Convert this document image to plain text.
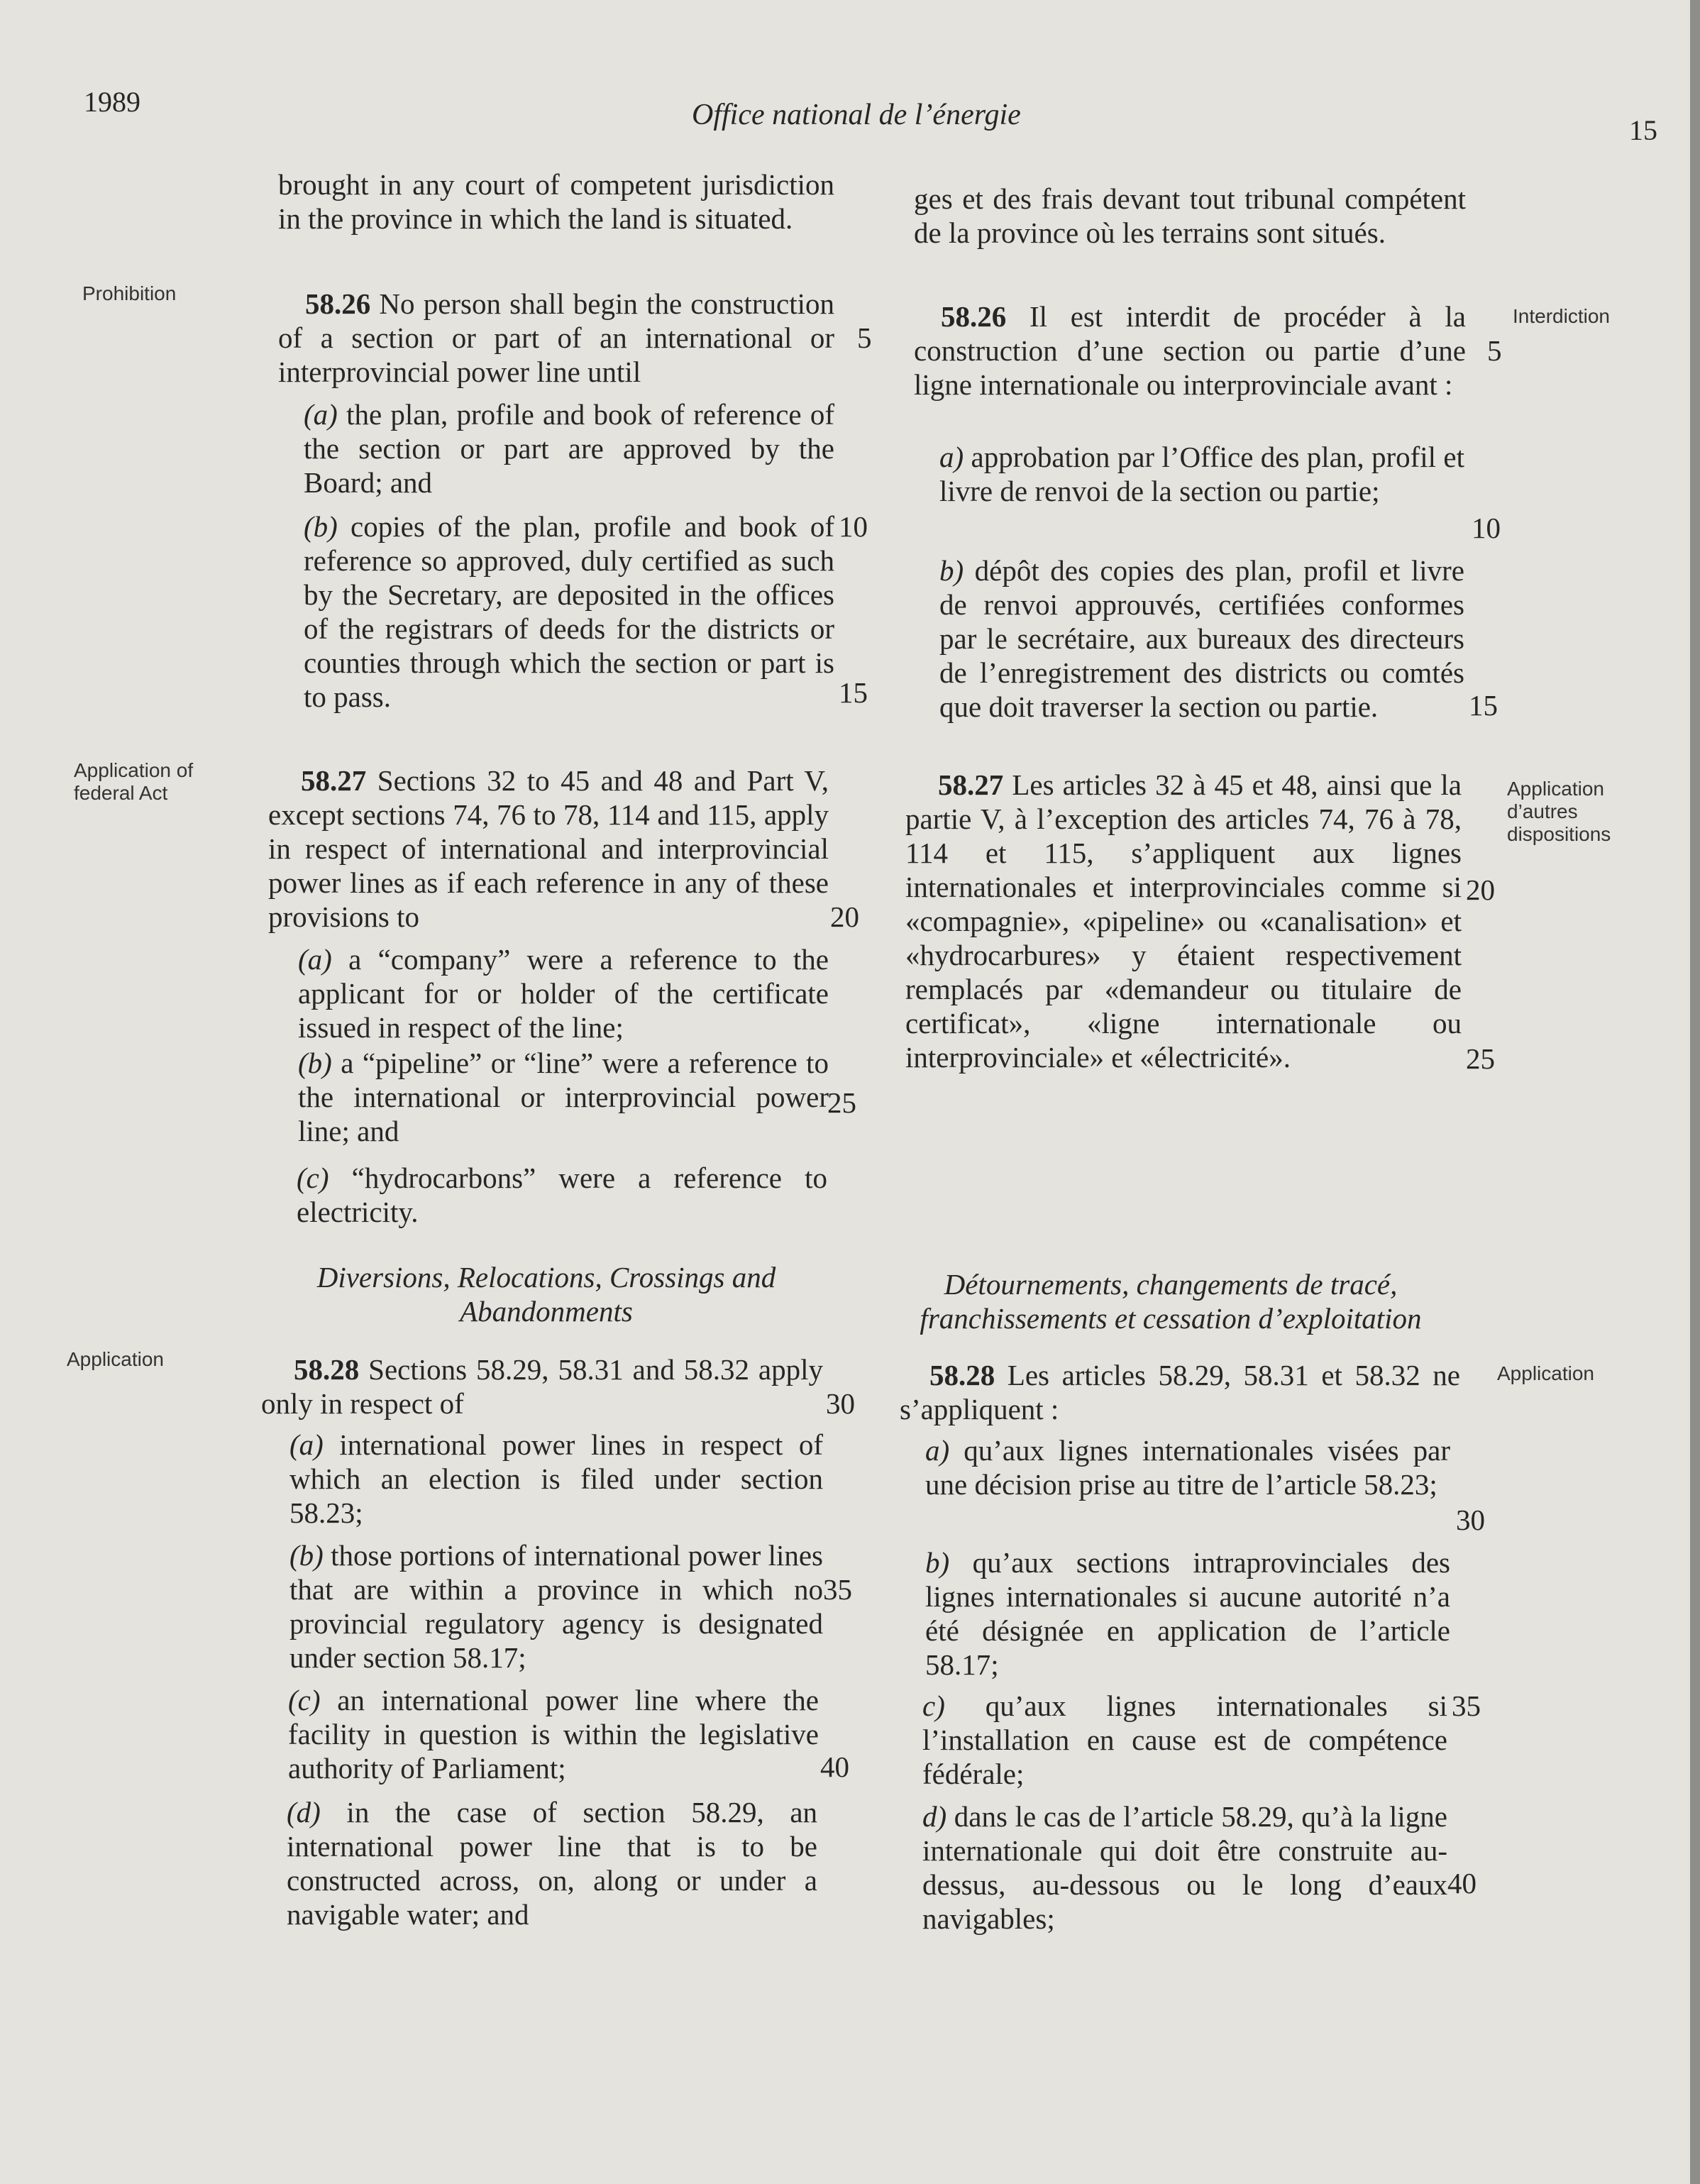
1989	Office national de l’énergie	15
brought in any court of competent jurisdiction in the province in which the land is situated.
Prohibition	58.26 No person shall begin the construction of a section or part of an international or interprovincial power line until
(a) the plan, profile and book of reference of the section or part are approved by the Board; and
(b) copies of the plan, profile and book of reference so approved, duly certified as such by the Secretary, are deposited in the offices of the registrars of deeds for the districts or counties through which the section or part is to pass.
Application of federal Act	58.27 Sections 32 to 45 and 48 and Part V, except sections 74, 76 to 78, 114 and 115, apply in respect of international and interprovincial power lines as if each reference in any of these provisions to
(a) a “company” were a reference to the applicant for or holder of the certificate issued in respect of the line;
(b) a “pipeline” or “line” were a reference to the international or interprovincial power line; and
(c) “hydrocarbons” were a reference to electricity.
Diversions, Relocations, Crossings and Abandonments
Application	58.28 Sections 58.29, 58.31 and 58.32 apply only in respect of
(a) international power lines in respect of which an election is filed under section 58.23;
(b) those portions of international power lines that are within a province in which no provincial regulatory agency is designated under section 58.17;
(c) an international power line where the facility in question is within the legislative authority of Parliament;
(d) in the case of section 58.29, an international power line that is to be constructed across, on, along or under a navigable water; and
5
10
15
20
25
30
35
40
ges et des frais devant tout tribunal compétent de la province où les terrains sont situés.
Interdiction
58.26 Il est interdit de procéder à la construction d’une section ou partie d’une ligne internationale ou interprovinciale avant :
a) approbation par l’Office des plan, profil et livre de renvoi de la section ou partie;
b) dépôt des copies des plan, profil et livre de renvoi approuvés, certifiées conformes par le secrétaire, aux bureaux des directeurs de l’enregistrement des districts ou comtés que doit traverser la section ou partie.
Application d’autres dispositions
58.27 Les articles 32 à 45 et 48, ainsi que la partie V, à l’exception des articles 74, 76 à 78, 114 et 115, s’appliquent aux lignes internationales et interprovinciales comme si «compagnie», «pipeline» ou «canalisation» et «hydrocarbures» y étaient respectivement remplacés par «demandeur ou titulaire de certificat», «ligne internationale ou interprovinciale» et «électricité».
Détournements, changements de tracé, franchissements et cessation d’exploitation
Application
58.28 Les articles 58.29, 58.31 et 58.32 ne s’appliquent :
a) qu’aux lignes internationales visées par une décision prise au titre de l’article 58.23;
b) qu’aux sections intraprovinciales des lignes internationales si aucune autorité n’a été désignée en application de l’article 58.17;
c) qu’aux lignes internationales si l’installation en cause est de compétence fédérale;
d) dans le cas de l’article 58.29, qu’à la ligne internationale qui doit être construite au-dessus, au-dessous ou le long d’eaux navigables;
5
10
15
20
25
30
35
40
